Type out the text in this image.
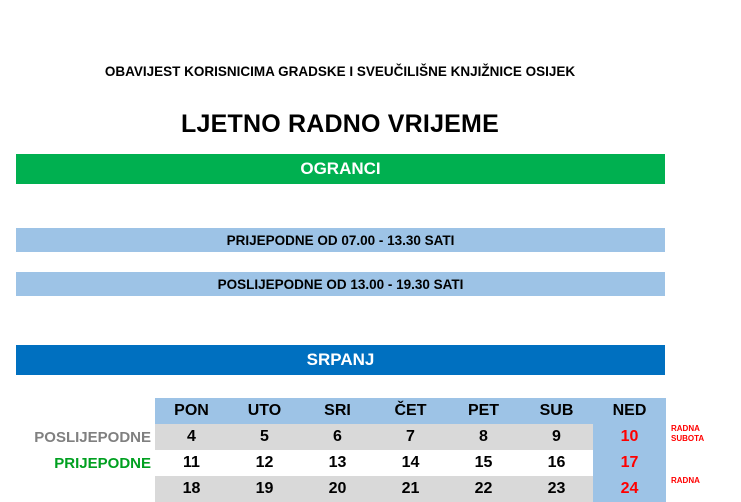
OBAVIJEST KORISNICIMA GRADSKE I SVEUČILIŠNE KNJIŽNICE OSIJEK
LJETNO RADNO VRIJEME
OGRANCI
PRIJEPODNE OD 07.00 - 13.30 SATI
POSLIJEPODNE OD 13.00 - 19.30 SATI
SRPANJ
	PON	UTO	SRI	ČET	PET	SUB	NED	
POSLIJEPODNE	4	5	6	7	8	9	10	RADNA
SUBOTA

PRIJEPODNE	11	12	13	14	15	16	17	

	18	19	20	21	22	23	24	RADNA
